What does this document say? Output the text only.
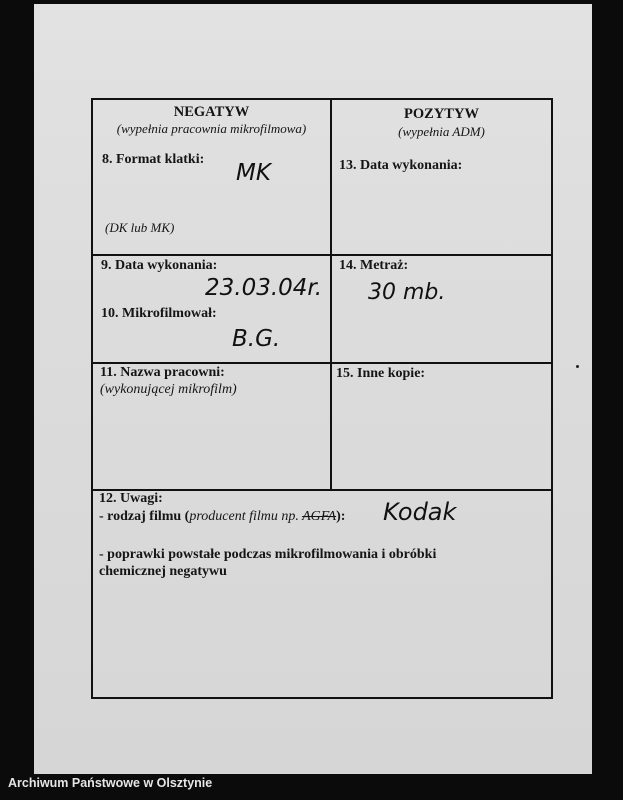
NEGATYW
(wypełnia pracownia mikrofilmowa)
POZYTYW
(wypełnia ADM)
8. Format klatki:
MK
(DK lub MK)
13. Data wykonania:
9. Data wykonania:
23.03.04r.
14. Metraż:
30 mb.
10. Mikrofilmował:
B.G.
11. Nazwa pracowni:
(wykonującej mikrofilm)
15. Inne kopie:
12. Uwagi:
- rodzaj filmu (producent filmu np. AGFA): Kodak
- poprawki powstałe podczas mikrofilmowania i obróbki
chemicznej negatywu
Archiwum Państwowe w Olsztynie
